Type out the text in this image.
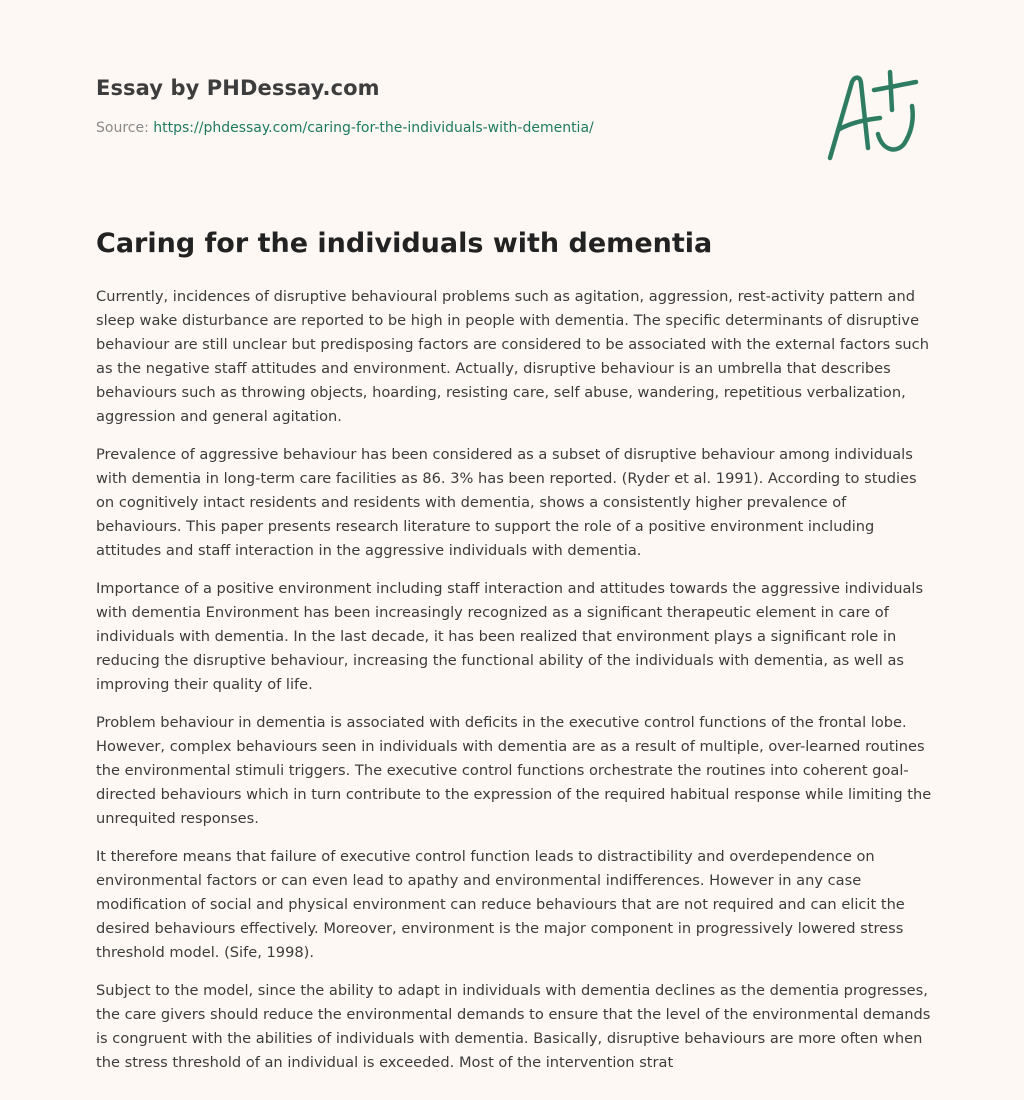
Essay by PHDessay.com
Source: https://phdessay.com/caring-for-the-individuals-with-dementia/
Caring for the individuals with dementia

Currently, incidences of disruptive behavioural problems such as agitation, aggression, rest-activity pattern and sleep wake disturbance are reported to be high in people with dementia. The specific determinants of disruptive behaviour are still unclear but predisposing factors are considered to be associated with the external factors such as the negative staff attitudes and environment. Actually, disruptive behaviour is an umbrella that describes behaviours such as throwing objects, hoarding, resisting care, self abuse, wandering, repetitious verbalization, aggression and general agitation.

Prevalence of aggressive behaviour has been considered as a subset of disruptive behaviour among individuals with dementia in long-term care facilities as 86. 3% has been reported. (Ryder et al. 1991). According to studies on cognitively intact residents and residents with dementia, shows a consistently higher prevalence of behaviours. This paper presents research literature to support the role of a positive environment including attitudes and staff interaction in the aggressive individuals with dementia.

Importance of a positive environment including staff interaction and attitudes towards the aggressive individuals with dementia Environment has been increasingly recognized as a significant therapeutic element in care of individuals with dementia. In the last decade, it has been realized that environment plays a significant role in reducing the disruptive behaviour, increasing the functional ability of the individuals with dementia, as well as improving their quality of life.

Problem behaviour in dementia is associated with deficits in the executive control functions of the frontal lobe. However, complex behaviours seen in individuals with dementia are as a result of multiple, over-learned routines the environmental stimuli triggers. The executive control functions orchestrate the routines into coherent goal-directed behaviours which in turn contribute to the expression of the required habitual response while limiting the unrequited responses.

It therefore means that failure of executive control function leads to distractibility and overdependence on environmental factors or can even lead to apathy and environmental indifferences. However in any case modification of social and physical environment can reduce behaviours that are not required and can elicit the desired behaviours effectively. Moreover, environment is the major component in progressively lowered stress threshold model. (Sife, 1998).

Subject to the model, since the ability to adapt in individuals with dementia declines as the dementia progresses, the care givers should reduce the environmental demands to ensure that the level of the environmental demands is congruent with the abilities of individuals with dementia. Basically, disruptive behaviours are more often when the stress threshold of an individual is exceeded. Most of the intervention strat
